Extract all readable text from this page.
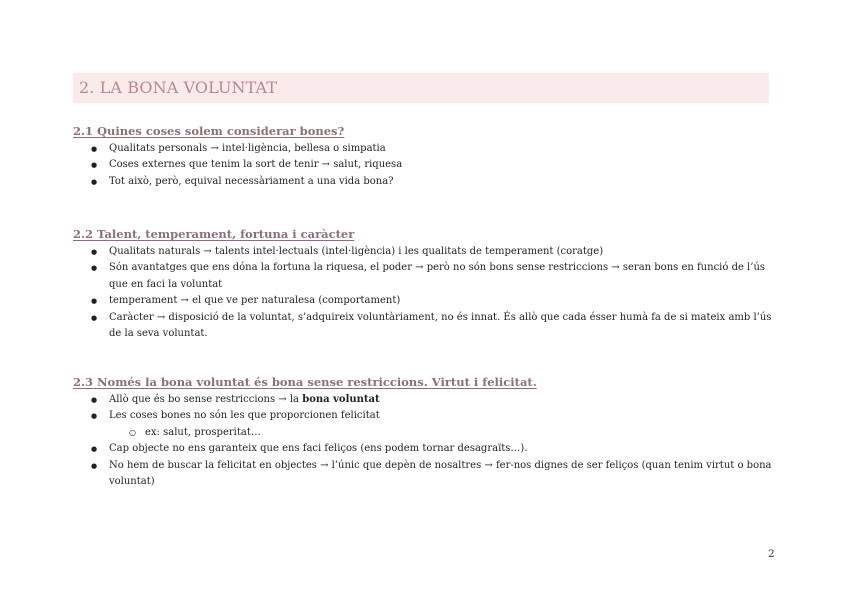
2. LA BONA VOLUNTAT
2.1 Quines coses solem considerar bones?
● Qualitats personals → intel·ligència, bellesa o simpatia
● Coses externes que tenim la sort de tenir → salut, riquesa
● Tot això, però, equival necessàriament a una vida bona?
2.2 Talent, temperament, fortuna i caràcter
● Qualitats naturals → talents intel·lectuals (intel·ligència) i les qualitats de temperament (coratge)
● Són avantatges que ens dóna la fortuna la riquesa, el poder → però no són bons sense restriccions → seran bons en funció de l’ús que en faci la voluntat
● temperament → el que ve per naturalesa (comportament)
● Caràcter → disposició de la voluntat, s’adquireix voluntàriament, no és innat. És allò que cada ésser humà fa de si mateix amb l’ús de la seva voluntat.
2.3 Només la bona voluntat és bona sense restriccions. Virtut i felicitat.
● Allò que és bo sense restriccions → la bona voluntat
● Les coses bones no són les que proporcionen felicitat
○ ex: salut, prosperitat…
● Cap objecte no ens garanteix que ens faci feliços (ens podem tornar desagraïts…).
● No hem de buscar la felicitat en objectes → l’únic que depèn de nosaltres → fer-nos dignes de ser feliços (quan tenim virtut o bona voluntat)
2
